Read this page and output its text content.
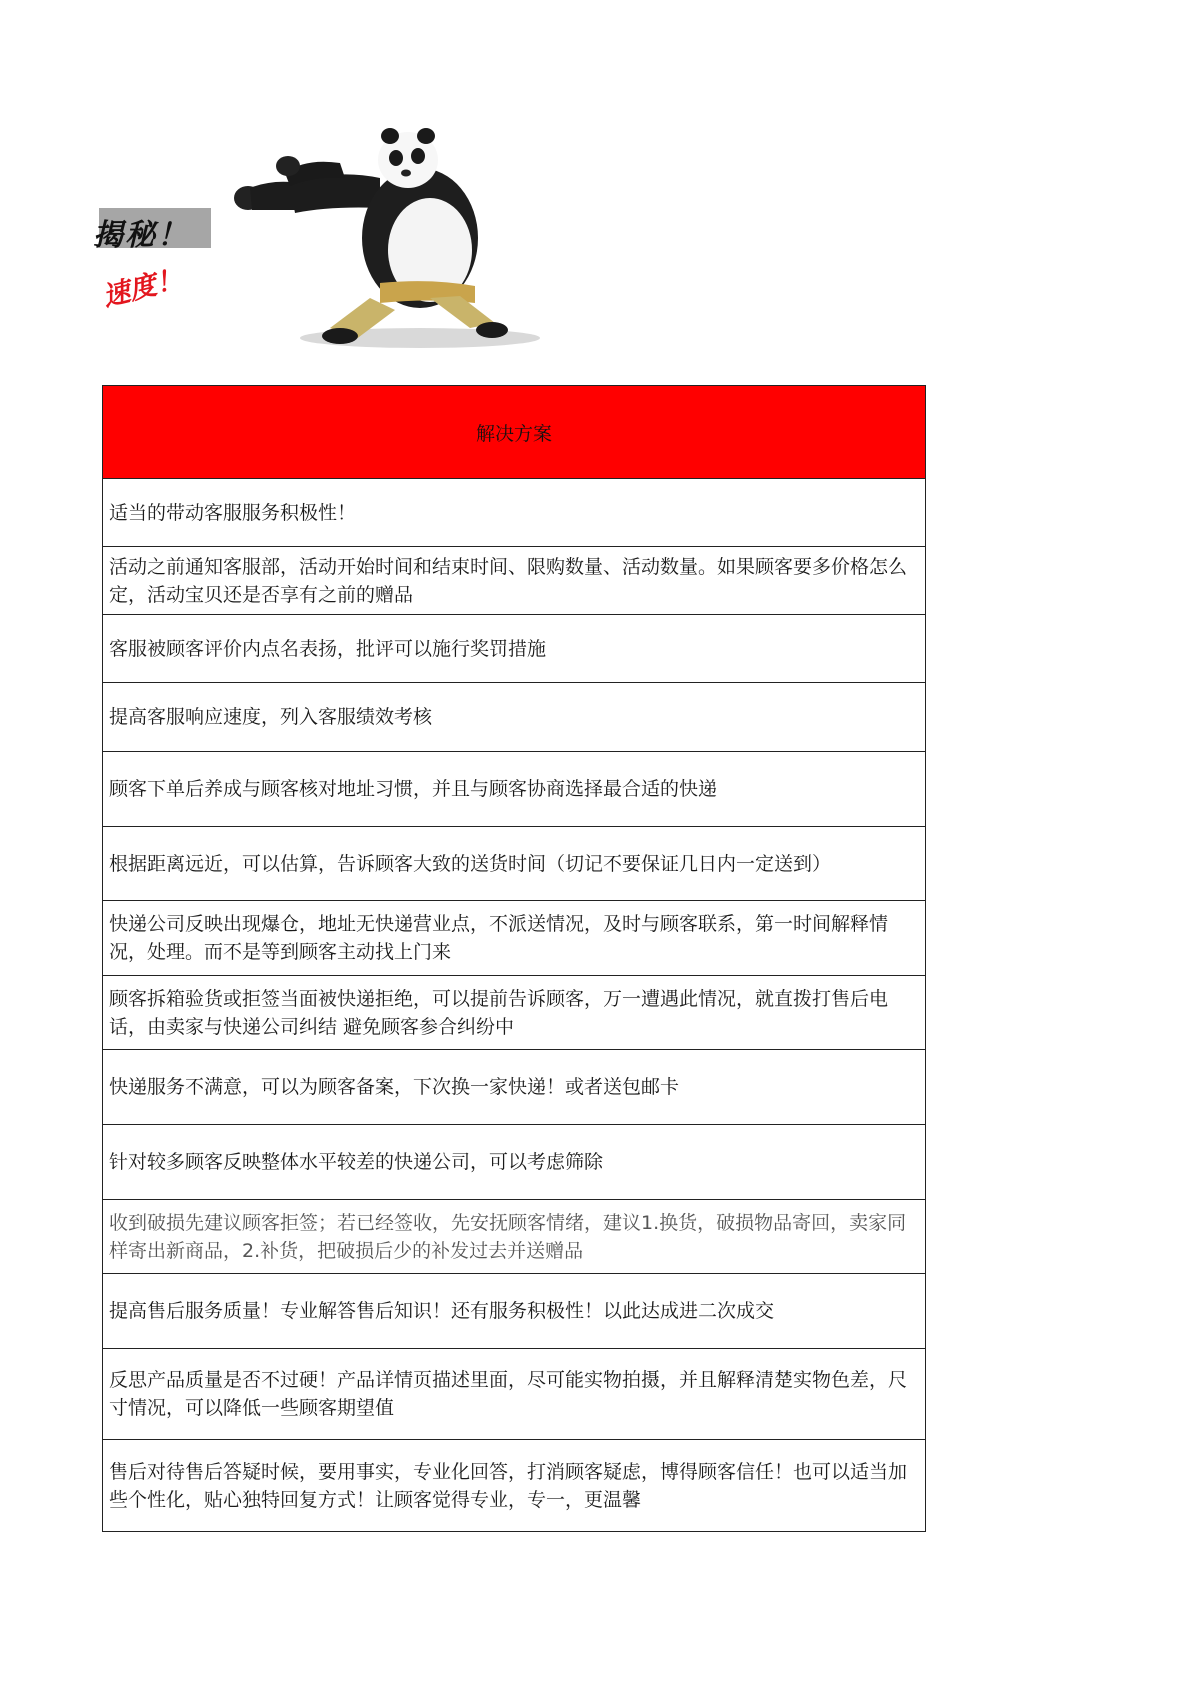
揭秘！
速度！
解决方案
适当的带动客服服务积极性！
活动之前通知客服部，活动开始时间和结束时间、限购数量、活动数量。如果顾客要多价格怎么定，活动宝贝还是否享有之前的赠品
客服被顾客评价内点名表扬，批评可以施行奖罚措施
提高客服响应速度，列入客服绩效考核
顾客下单后养成与顾客核对地址习惯，并且与顾客协商选择最合适的快递
根据距离远近，可以估算，告诉顾客大致的送货时间（切记不要保证几日内一定送到）
快递公司反映出现爆仓，地址无快递营业点，不派送情况，及时与顾客联系，第一时间解释情况，处理。而不是等到顾客主动找上门来
顾客拆箱验货或拒签当面被快递拒绝，可以提前告诉顾客，万一遭遇此情况，就直拨打售后电话，由卖家与快递公司纠结 避免顾客参合纠纷中
快递服务不满意，可以为顾客备案，下次换一家快递！或者送包邮卡
针对较多顾客反映整体水平较差的快递公司，可以考虑筛除
收到破损先建议顾客拒签；若已经签收，先安抚顾客情绪，建议1.换货，破损物品寄回，卖家同样寄出新商品，2.补货，把破损后少的补发过去并送赠品
提高售后服务质量！专业解答售后知识！还有服务积极性！以此达成进二次成交
反思产品质量是否不过硬！产品详情页描述里面，尽可能实物拍摄，并且解释清楚实物色差，尺寸情况，可以降低一些顾客期望值
售后对待售后答疑时候，要用事实，专业化回答，打消顾客疑虑，博得顾客信任！也可以适当加些个性化，贴心独特回复方式！让顾客觉得专业，专一，更温馨
